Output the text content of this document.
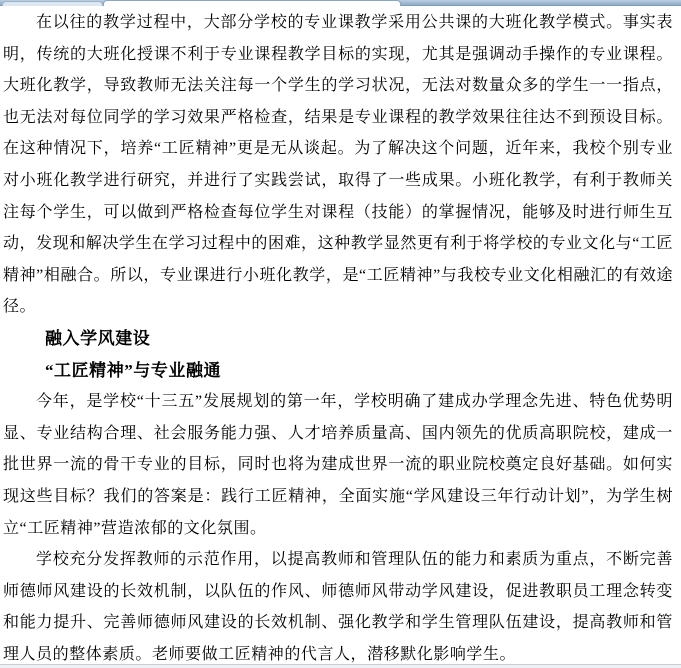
在以往的教学过程中，大部分学校的专业课教学采用公共课的大班化教学模式。事实表明，传统的大班化授课不利于专业课程教学目标的实现，尤其是强调动手操作的专业课程。大班化教学，导致教师无法关注每一个学生的学习状况，无法对数量众多的学生一一指点，也无法对每位同学的学习效果严格检查，结果是专业课程的教学效果往往达不到预设目标。在这种情况下，培养“工匠精神”更是无从谈起。为了解决这个问题，近年来，我校个别专业对小班化教学进行研究，并进行了实践尝试，取得了一些成果。小班化教学，有利于教师关注每个学生，可以做到严格检查每位学生对课程（技能）的掌握情况，能够及时进行师生互动，发现和解决学生在学习过程中的困难，这种教学显然更有利于将学校的专业文化与“工匠精神”相融合。所以，专业课进行小班化教学，是“工匠精神”与我校专业文化相融汇的有效途径。

融入学风建设

“工匠精神”与专业融通

今年，是学校“十三五”发展规划的第一年，学校明确了建成办学理念先进、特色优势明显、专业结构合理、社会服务能力强、人才培养质量高、国内领先的优质高职院校，建成一批世界一流的骨干专业的目标，同时也将为建成世界一流的职业院校奠定良好基础。如何实现这些目标？我们的答案是：践行工匠精神，全面实施“学风建设三年行动计划”，为学生树立“工匠精神”营造浓郁的文化氛围。

学校充分发挥教师的示范作用，以提高教师和管理队伍的能力和素质为重点，不断完善师德师风建设的长效机制，以队伍的作风、师德师风带动学风建设，促进教职员工理念转变和能力提升、完善师德师风建设的长效机制、强化教学和学生管理队伍建设，提高教师和管理人员的整体素质。老师要做工匠精神的代言人，潜移默化影响学生。
